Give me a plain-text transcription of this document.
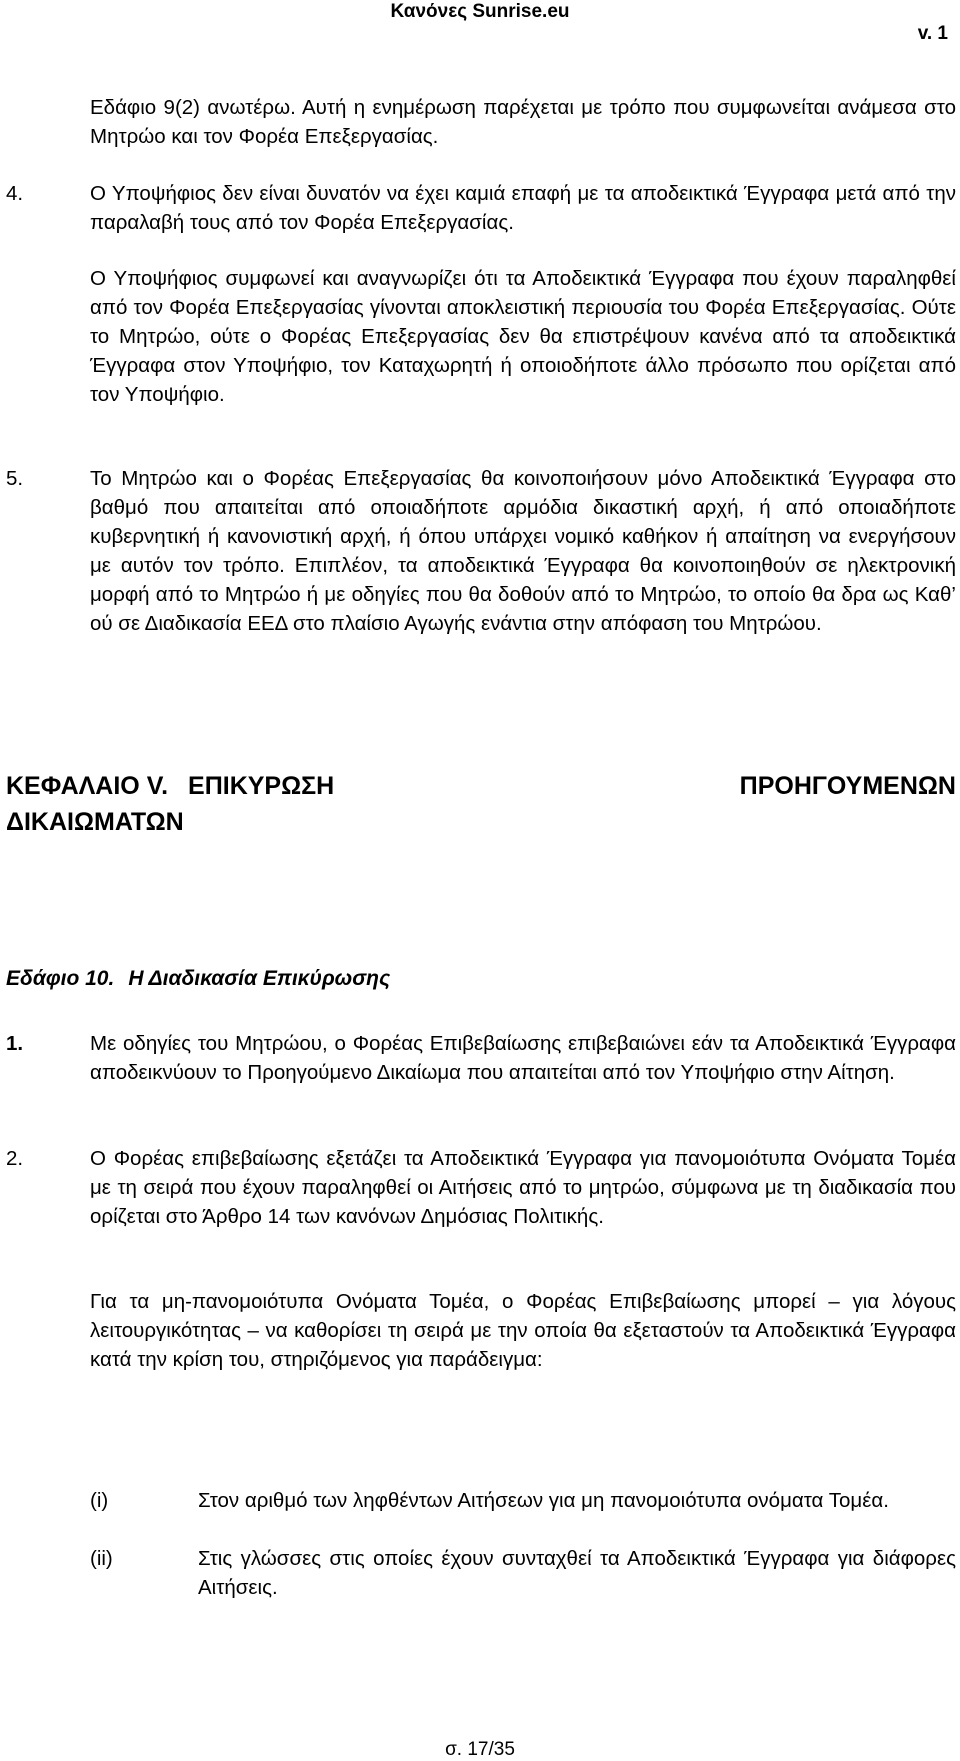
Κανόνες Sunrise.eu
v. 1

Εδάφιο 9(2) ανωτέρω. Αυτή η ενημέρωση παρέχεται με τρόπο που συμφωνείται ανάμεσα στο Μητρώο και τον Φορέα Επεξεργασίας.

4.	Ο Υποψήφιος δεν είναι δυνατόν να έχει καμιά επαφή με τα αποδεικτικά Έγγραφα μετά από την παραλαβή τους από τον Φορέα Επεξεργασίας.

Ο Υποψήφιος συμφωνεί και αναγνωρίζει ότι τα Αποδεικτικά Έγγραφα που έχουν παραληφθεί από τον Φορέα Επεξεργασίας γίνονται αποκλειστική περιουσία του Φορέα Επεξεργασίας. Ούτε το Μητρώο, ούτε ο Φορέας Επεξεργασίας δεν θα επιστρέψουν κανένα από τα αποδεικτικά Έγγραφα στον Υποψήφιο, τον Καταχωρητή ή οποιοδήποτε άλλο πρόσωπο που ορίζεται από τον Υποψήφιο.

5.	Το Μητρώο και ο Φορέας Επεξεργασίας θα κοινοποιήσουν μόνο Αποδεικτικά Έγγραφα στο βαθμό που απαιτείται από οποιαδήποτε αρμόδια δικαστική αρχή, ή από οποιαδήποτε κυβερνητική ή κανονιστική αρχή, ή όπου υπάρχει νομικό καθήκον ή απαίτηση να ενεργήσουν με αυτόν τον τρόπο. Επιπλέον, τα αποδεικτικά Έγγραφα θα κοινοποιηθούν σε ηλεκτρονική μορφή από το Μητρώο ή με οδηγίες που θα δοθούν από το Μητρώο, το οποίο θα δρα ως Καθ’ ού σε Διαδικασία ΕΕΔ στο πλαίσιο Αγωγής ενάντια στην απόφαση του Μητρώου.

ΚΕΦΑΛΑΙΟ V. ΕΠΙΚΥΡΩΣΗ	ΠΡΟΗΓΟΥΜΕΝΩΝ
ΔΙΚΑΙΩΜΑΤΩΝ
Εδάφιο 10. Η Διαδικασία Επικύρωσης
1.	Με οδηγίες του Μητρώου, ο Φορέας Επιβεβαίωσης επιβεβαιώνει εάν τα Αποδεικτικά Έγγραφα αποδεικνύουν το Προηγούμενο Δικαίωμα που απαιτείται από τον Υποψήφιο στην Αίτηση.

2.	Ο Φορέας επιβεβαίωσης εξετάζει τα Αποδεικτικά Έγγραφα για πανομοιότυπα Ονόματα Τομέα με τη σειρά που έχουν παραληφθεί οι Αιτήσεις από το μητρώο, σύμφωνα με τη διαδικασία που ορίζεται στο Άρθρο 14 των κανόνων Δημόσιας Πολιτικής.

Για τα μη-πανομοιότυπα Ονόματα Τομέα, ο Φορέας Επιβεβαίωσης μπορεί – για λόγους λειτουργικότητας – να καθορίσει τη σειρά με την οποία θα εξεταστούν τα Αποδεικτικά Έγγραφα κατά την κρίση του, στηριζόμενος για παράδειγμα:

(i)	Στον αριθμό των ληφθέντων Αιτήσεων για μη πανομοιότυπα ονόματα Τομέα.

(ii)	Στις γλώσσες στις οποίες έχουν συνταχθεί τα Αποδεικτικά Έγγραφα για διάφορες Αιτήσεις.

σ. 17/35
